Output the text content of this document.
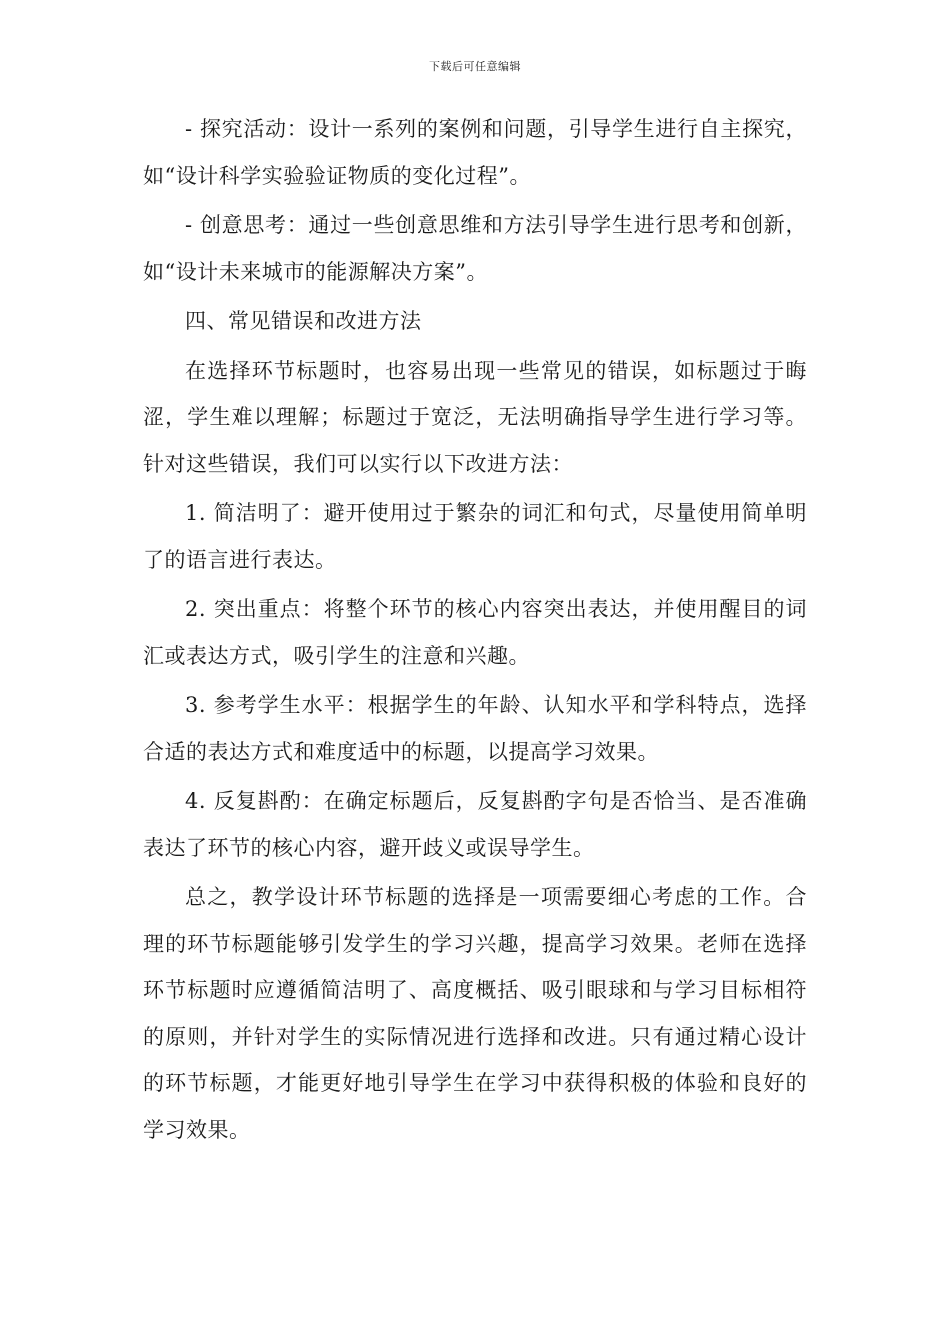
下载后可任意编辑

- 探究活动：设计一系列的案例和问题，引导学生进行自主探究，如“设计科学实验验证物质的变化过程”。

- 创意思考：通过一些创意思维和方法引导学生进行思考和创新，如“设计未来城市的能源解决方案”。

四、常见错误和改进方法

在选择环节标题时，也容易出现一些常见的错误，如标题过于晦涩，学生难以理解；标题过于宽泛，无法明确指导学生进行学习等。针对这些错误，我们可以实行以下改进方法：

1. 简洁明了：避开使用过于繁杂的词汇和句式，尽量使用简单明了的语言进行表达。

2. 突出重点：将整个环节的核心内容突出表达，并使用醒目的词汇或表达方式，吸引学生的注意和兴趣。

3. 参考学生水平：根据学生的年龄、认知水平和学科特点，选择合适的表达方式和难度适中的标题，以提高学习效果。

4. 反复斟酌：在确定标题后，反复斟酌字句是否恰当、是否准确表达了环节的核心内容，避开歧义或误导学生。

总之，教学设计环节标题的选择是一项需要细心考虑的工作。合理的环节标题能够引发学生的学习兴趣，提高学习效果。老师在选择环节标题时应遵循简洁明了、高度概括、吸引眼球和与学习目标相符的原则，并针对学生的实际情况进行选择和改进。只有通过精心设计的环节标题，才能更好地引导学生在学习中获得积极的体验和良好的学习效果。
